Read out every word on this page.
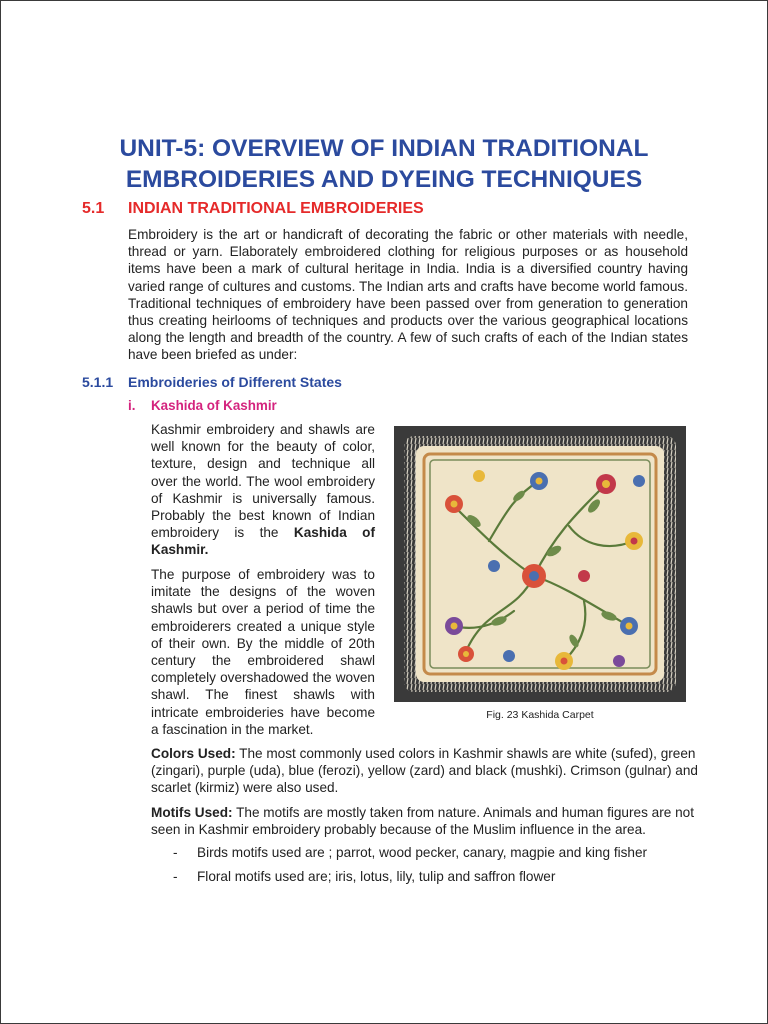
UNIT-5: OVERVIEW OF INDIAN TRADITIONAL
EMBROIDERIES AND DYEING TECHNIQUES
5.1 INDIAN TRADITIONAL EMBROIDERIES

Embroidery is the art or handicraft of decorating the fabric or other materials with needle, thread or yarn. Elaborately embroidered clothing for religious purposes or as household items have been a mark of cultural heritage in India. India is a diversified country having varied range of cultures and customs. The Indian arts and crafts have become world famous. Traditional techniques of embroidery have been passed over from generation to generation thus creating heirlooms of techniques and products over the various geographical locations along the length and breadth of the country. A few of such crafts of each of the Indian states have been briefed as under:

5.1.1 Embroideries of Different States
i. Kashida of Kashmir

Kashmir embroidery and shawls are well known for the beauty of color, texture, design and technique all over the world. The wool embroidery of Kashmir is universally famous. Probably the best known of Indian embroidery is the Kashida of Kashmir.

The purpose of embroidery was to imitate the designs of the woven shawls but over a period of time the embroiderers created a unique style of their own. By the middle of 20th century the embroidered shawl completely overshadowed the woven shawl. The finest shawls with intricate embroideries have become a fascination in the market.

Fig. 23 Kashida Carpet

Colors Used: The most commonly used colors in Kashmir shawls are white (sufed), green (zingari), purple (uda), blue (ferozi), yellow (zard) and black (mushki). Crimson (gulnar) and scarlet (kirmiz) were also used.

Motifs Used: The motifs are mostly taken from nature. Animals and human figures are not seen in Kashmir embroidery probably because of the Muslim influence in the area.

- Birds motifs used are ; parrot, wood pecker, canary, magpie and king fisher
- Floral motifs used are; iris, lotus, lily, tulip and saffron flower
